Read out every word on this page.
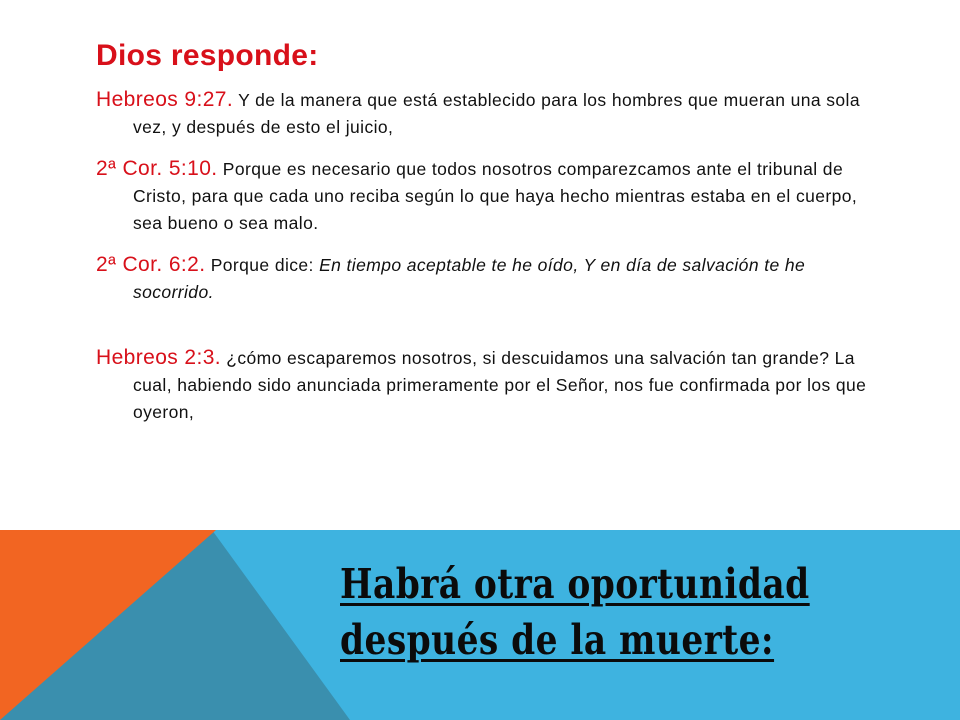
Dios responde:

Hebreos 9:27. Y de la manera que está establecido para los hombres que mueran una sola vez, y después de esto el juicio,

2ª Cor. 5:10. Porque es necesario que todos nosotros comparezcamos ante el tribunal de Cristo, para que cada uno reciba según lo que haya hecho mientras estaba en el cuerpo, sea bueno o sea malo.

2ª Cor. 6:2. Porque dice: En tiempo aceptable te he oído, Y en día de salvación te he socorrido.

Hebreos 2:3. ¿cómo escaparemos nosotros, si descuidamos una salvación tan grande? La cual, habiendo sido anunciada primeramente por el Señor, nos fue confirmada por los que oyeron,

Habrá otra oportunidad
después de la muerte:
